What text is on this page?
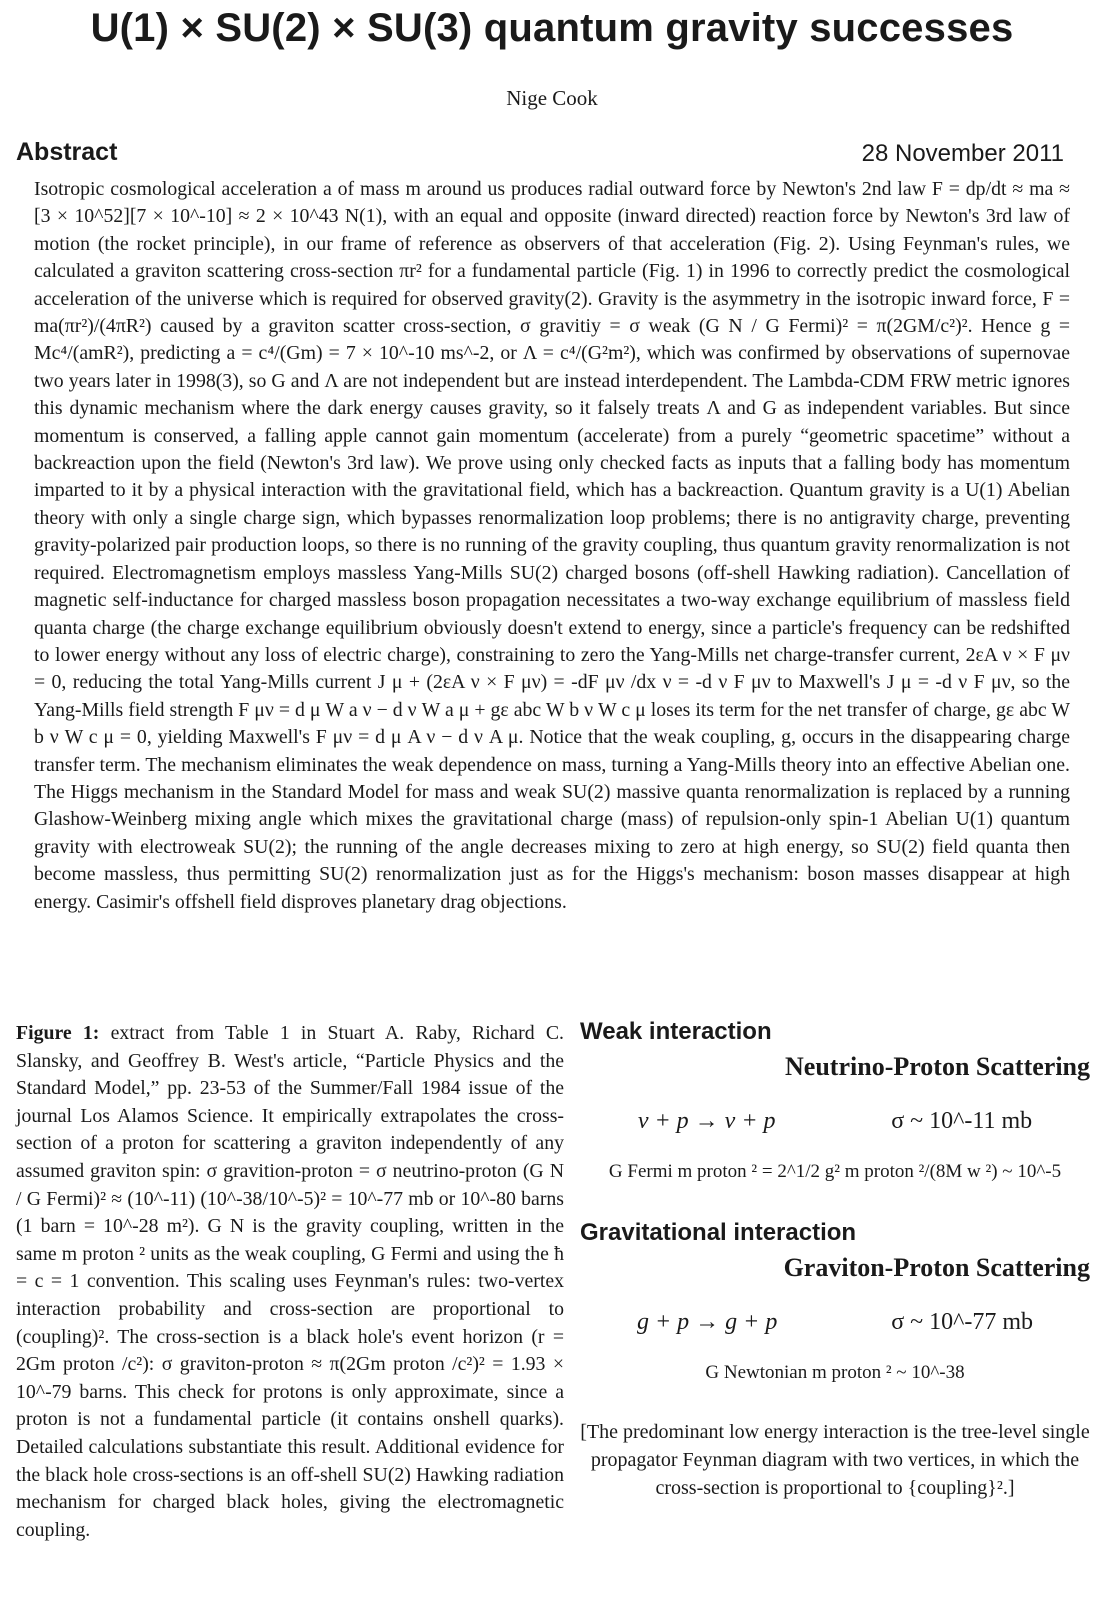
U(1) × SU(2) × SU(3) quantum gravity successes
Nige Cook
Abstract	28 November 2011
Isotropic cosmological acceleration a of mass m around us produces radial outward force by Newton's 2nd law F = dp/dt ≈ ma ≈ [3 × 10^52][7 × 10^-10] ≈ 2 × 10^43 N(1), with an equal and opposite (inward directed) reaction force by Newton's 3rd law of motion (the rocket principle), in our frame of reference as observers of that acceleration (Fig. 2). Using Feynman's rules, we calculated a graviton scattering cross-section πr² for a fundamental particle (Fig. 1) in 1996 to correctly predict the cosmological acceleration of the universe which is required for observed gravity(2). Gravity is the asymmetry in the isotropic inward force, F = ma(πr²)/(4πR²) caused by a graviton scatter cross-section, σ gravitiy = σ weak (G N / G Fermi)² = π(2GM/c²)². Hence g = Mc⁴/(amR²), predicting a = c⁴/(Gm) = 7 × 10^-10 ms^-2, or Λ = c⁴/(G²m²), which was confirmed by observations of supernovae two years later in 1998(3), so G and Λ are not independent but are instead interdependent. The Lambda-CDM FRW metric ignores this dynamic mechanism where the dark energy causes gravity, so it falsely treats Λ and G as independent variables. But since momentum is conserved, a falling apple cannot gain momentum (accelerate) from a purely “geometric spacetime” without a backreaction upon the field (Newton's 3rd law). We prove using only checked facts as inputs that a falling body has momentum imparted to it by a physical interaction with the gravitational field, which has a backreaction. Quantum gravity is a U(1) Abelian theory with only a single charge sign, which bypasses renormalization loop problems; there is no antigravity charge, preventing gravity-polarized pair production loops, so there is no running of the gravity coupling, thus quantum gravity renormalization is not required. Electromagnetism employs massless Yang-Mills SU(2) charged bosons (off-shell Hawking radiation). Cancellation of magnetic self-inductance for charged massless boson propagation necessitates a two-way exchange equilibrium of massless field quanta charge (the charge exchange equilibrium obviously doesn't extend to energy, since a particle's frequency can be redshifted to lower energy without any loss of electric charge), constraining to zero the Yang-Mills net charge-transfer current, 2εA ν × F μν = 0, reducing the total Yang-Mills current J μ + (2εA ν × F μν) = -dF μν /dx ν = -d ν F μν to Maxwell's J μ = -d ν F μν, so the Yang-Mills field strength F μν = d μ W a ν − d ν W a μ + gε abc W b ν W c μ loses its term for the net transfer of charge, gε abc W b ν W c μ = 0, yielding Maxwell's F μν = d μ A ν − d ν A μ. Notice that the weak coupling, g, occurs in the disappearing charge transfer term. The mechanism eliminates the weak dependence on mass, turning a Yang-Mills theory into an effective Abelian one. The Higgs mechanism in the Standard Model for mass and weak SU(2) massive quanta renormalization is replaced by a running Glashow-Weinberg mixing angle which mixes the gravitational charge (mass) of repulsion-only spin-1 Abelian U(1) quantum gravity with electroweak SU(2); the running of the angle decreases mixing to zero at high energy, so SU(2) field quanta then become massless, thus permitting SU(2) renormalization just as for the Higgs's mechanism: boson masses disappear at high energy. Casimir's offshell field disproves planetary drag objections.
Figure 1: extract from Table 1 in Stuart A. Raby, Richard C. Slansky, and Geoffrey B. West's article, “Particle Physics and the Standard Model,” pp. 23-53 of the Summer/Fall 1984 issue of the journal Los Alamos Science. It empirically extrapolates the cross-section of a proton for scattering a graviton independently of any assumed graviton spin: σ gravition-proton = σ neutrino-proton (G N / G Fermi)² ≈ (10^-11) (10^-38/10^-5)² = 10^-77 mb or 10^-80 barns (1 barn = 10^-28 m²). G N is the gravity coupling, written in the same m proton ² units as the weak coupling, G Fermi and using the ħ = c = 1 convention. This scaling uses Feynman's rules: two-vertex interaction probability and cross-section are proportional to (coupling)². The cross-section is a black hole's event horizon (r = 2Gm proton /c²): σ graviton-proton ≈ π(2Gm proton /c²)² = 1.93 × 10^-79 barns. This check for protons is only approximate, since a proton is not a fundamental particle (it contains onshell quarks). Detailed calculations substantiate this result. Additional evidence for the black hole cross-sections is an off-shell SU(2) Hawking radiation mechanism for charged black holes, giving the electromagnetic coupling.
Weak interaction
Neutrino-Proton Scattering
ν + p → ν + p	σ ~ 10^-11 mb
G Fermi m proton ² = 2^1/2 g² m proton ²/(8M w ²) ~ 10^-5
Gravitational interaction
Graviton-Proton Scattering
g + p → g + p	σ ~ 10^-77 mb
G Newtonian m proton ² ~ 10^-38
[The predominant low energy interaction is the tree-level single propagator Feynman diagram with two vertices, in which the cross-section is proportional to {coupling}².]
